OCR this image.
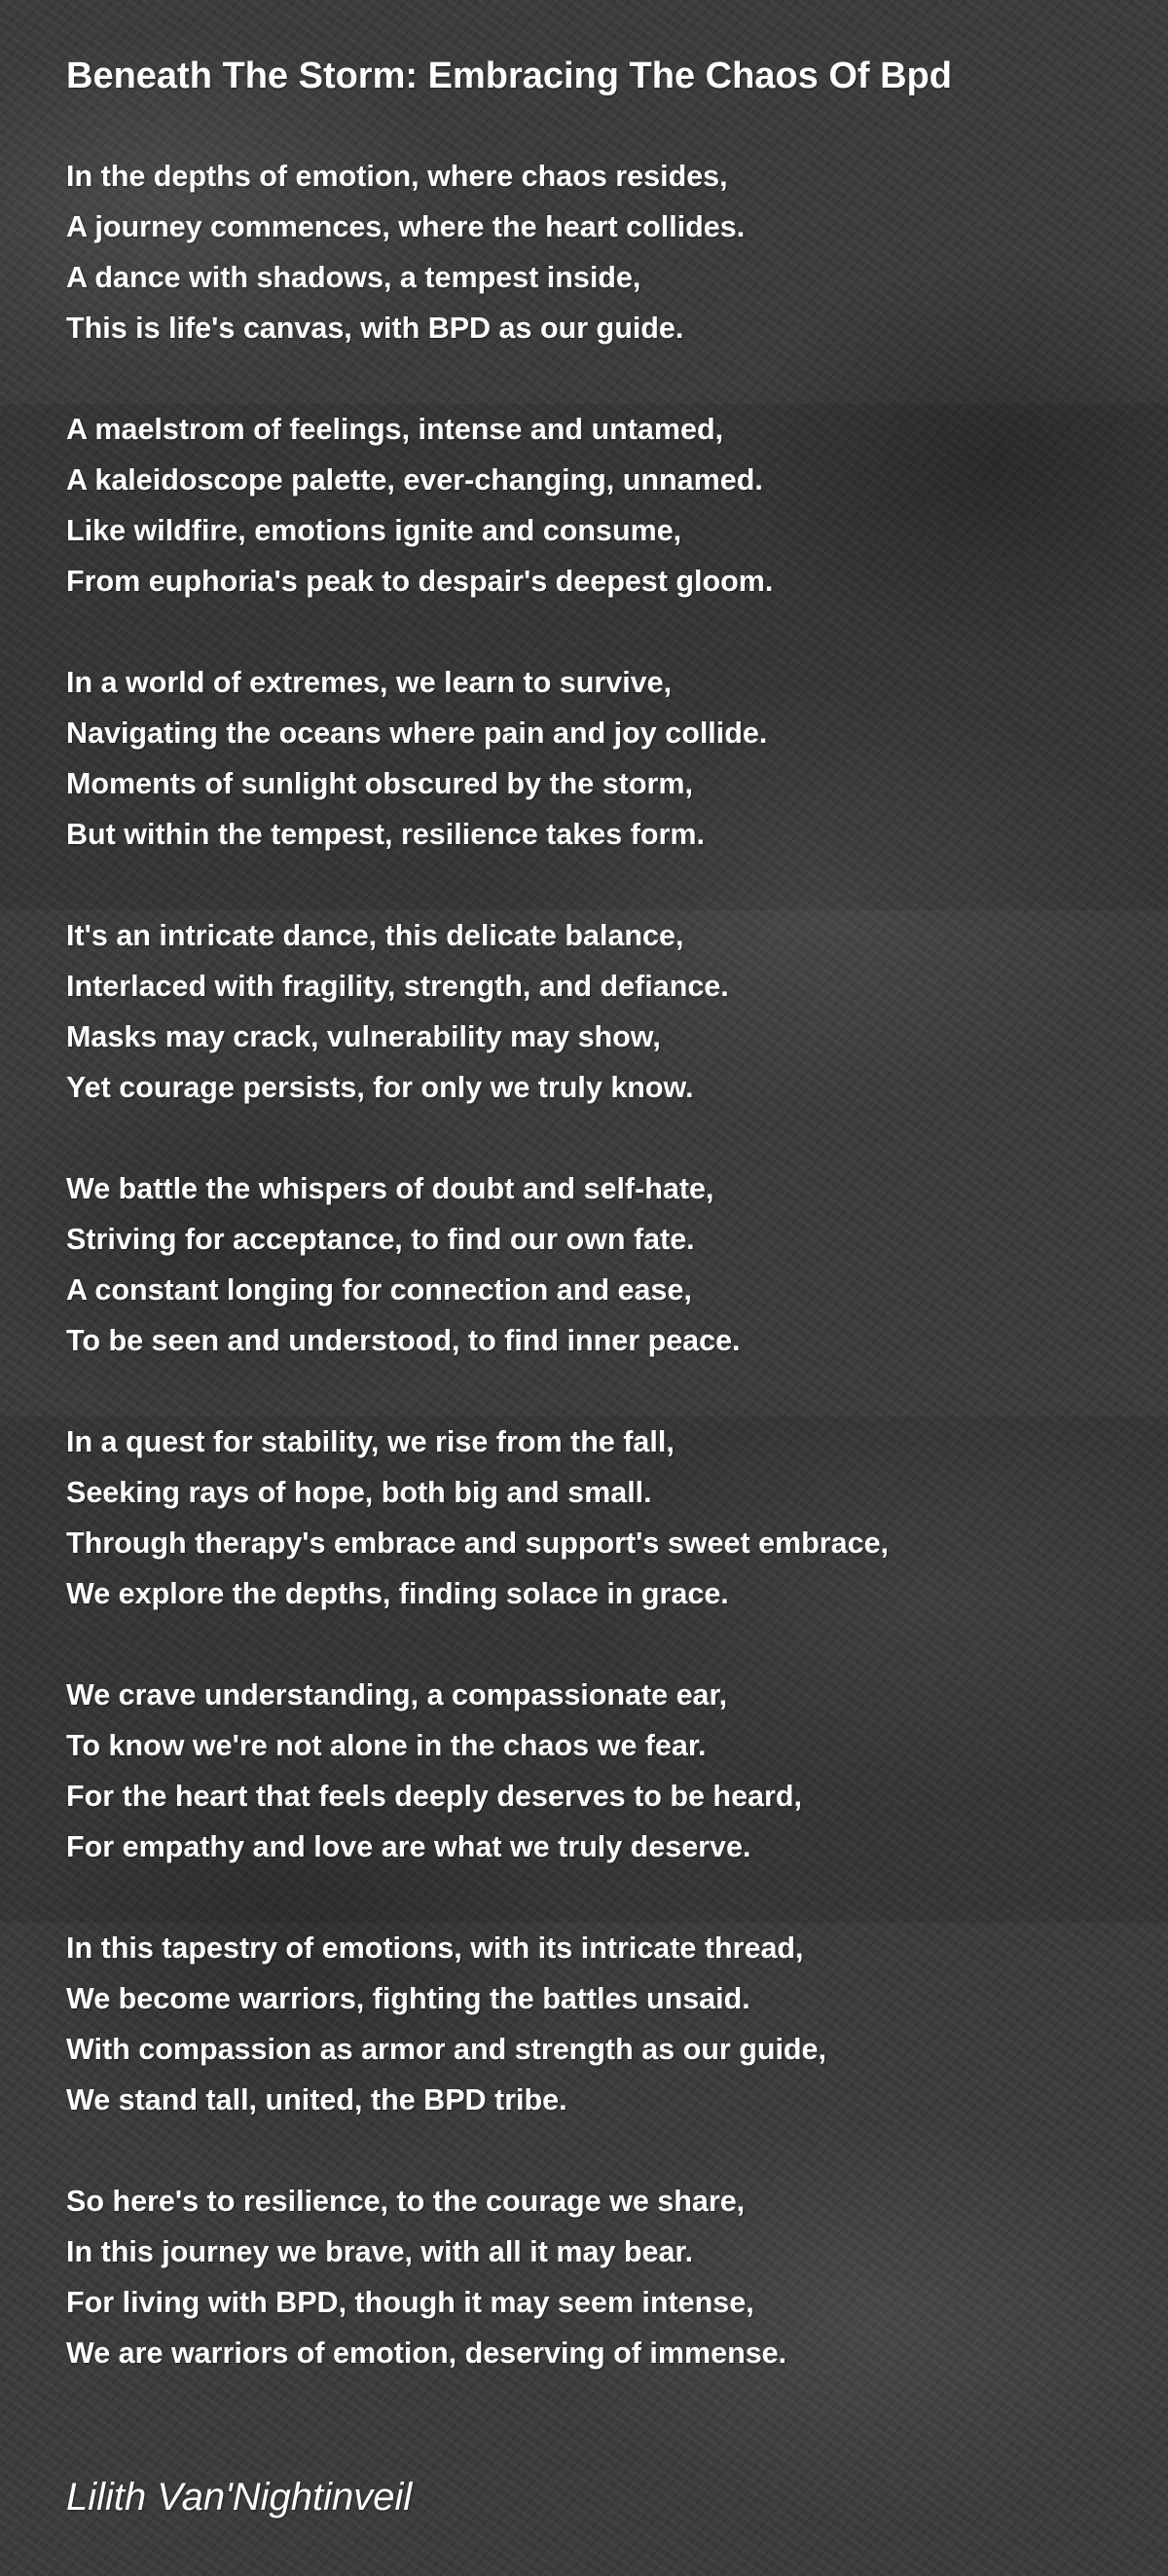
Beneath The Storm: Embracing The Chaos Of Bpd
In the depths of emotion, where chaos resides,
A journey commences, where the heart collides.
A dance with shadows, a tempest inside,
This is life's canvas, with BPD as our guide.
A maelstrom of feelings, intense and untamed,
A kaleidoscope palette, ever-changing, unnamed.
Like wildfire, emotions ignite and consume,
From euphoria's peak to despair's deepest gloom.
In a world of extremes, we learn to survive,
Navigating the oceans where pain and joy collide.
Moments of sunlight obscured by the storm,
But within the tempest, resilience takes form.
It's an intricate dance, this delicate balance,
Interlaced with fragility, strength, and defiance.
Masks may crack, vulnerability may show,
Yet courage persists, for only we truly know.
We battle the whispers of doubt and self-hate,
Striving for acceptance, to find our own fate.
A constant longing for connection and ease,
To be seen and understood, to find inner peace.
In a quest for stability, we rise from the fall,
Seeking rays of hope, both big and small.
Through therapy's embrace and support's sweet embrace,
We explore the depths, finding solace in grace.
We crave understanding, a compassionate ear,
To know we're not alone in the chaos we fear.
For the heart that feels deeply deserves to be heard,
For empathy and love are what we truly deserve.
In this tapestry of emotions, with its intricate thread,
We become warriors, fighting the battles unsaid.
With compassion as armor and strength as our guide,
We stand tall, united, the BPD tribe.
So here's to resilience, to the courage we share,
In this journey we brave, with all it may bear.
For living with BPD, though it may seem intense,
We are warriors of emotion, deserving of immense.
Lilith Van'Nightinveil
